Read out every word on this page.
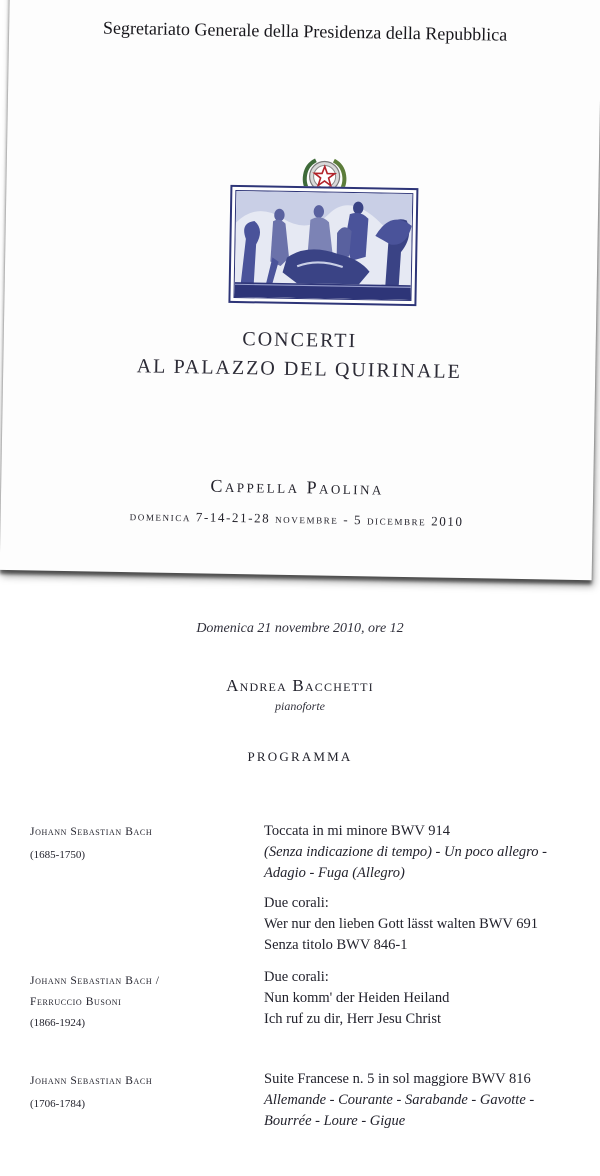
Segretariato Generale della Presidenza della Repubblica
CONCERTI
AL PALAZZO DEL QUIRINALE
Cappella Paolina
domenica 7-14-21-28 novembre - 5 dicembre 2010
Domenica 21 novembre 2010, ore 12
Andrea Bacchetti
pianoforte
PROGRAMMA
Johann Sebastian Bach
(1685-1750)
Toccata in mi minore BWV 914
(Senza indicazione di tempo) - Un poco allegro -
Adagio - Fuga (Allegro)
Due corali:
Wer nur den lieben Gott lässt walten BWV 691
Senza titolo BWV 846-1
Johann Sebastian Bach /
Ferruccio Busoni
(1866-1924)
Due corali:
Nun komm' der Heiden Heiland
Ich ruf zu dir, Herr Jesu Christ
Johann Sebastian Bach
(1706-1784)
Suite Francese n. 5 in sol maggiore BWV 816
Allemande - Courante - Sarabande - Gavotte -
Bourrée - Loure - Gigue
